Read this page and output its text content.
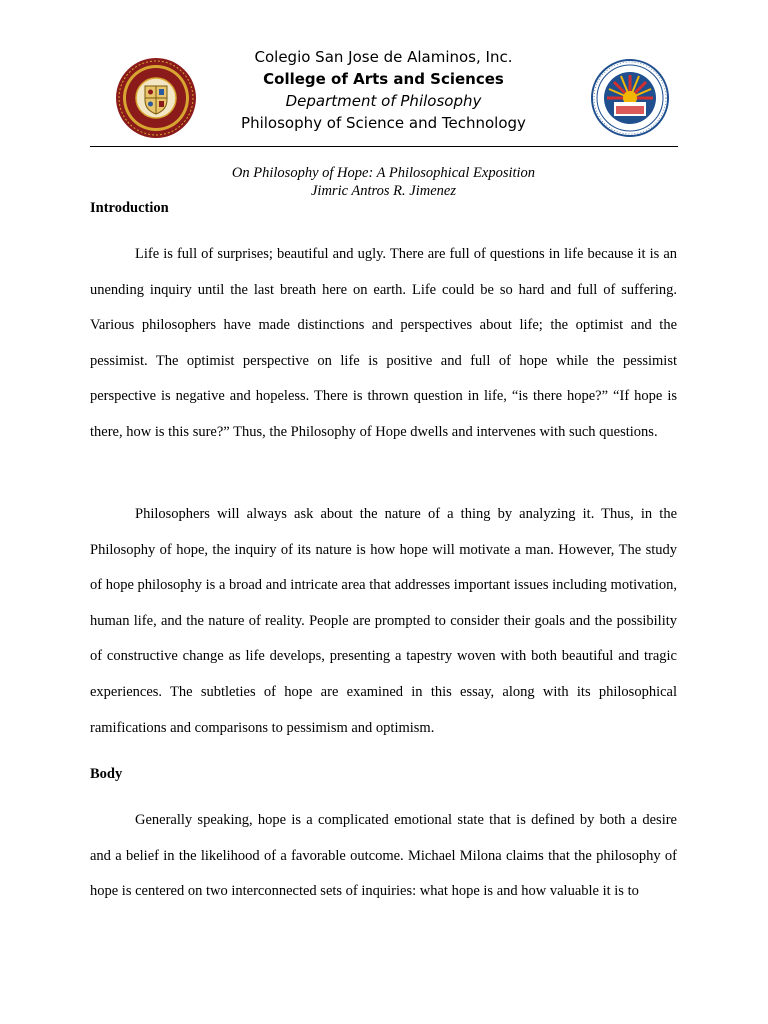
Colegio San Jose de Alaminos, Inc.
College of Arts and Sciences
Department of Philosophy
Philosophy of Science and Technology
On Philosophy of Hope: A Philosophical Exposition
Jimric Antros R. Jimenez
Introduction

Life is full of surprises; beautiful and ugly. There are full of questions in life because it is an unending inquiry until the last breath here on earth. Life could be so hard and full of suffering. Various philosophers have made distinctions and perspectives about life; the optimist and the pessimist. The optimist perspective on life is positive and full of hope while the pessimist perspective is negative and hopeless. There is thrown question in life, “is there hope?” “If hope is there, how is this sure?” Thus, the Philosophy of Hope dwells and intervenes with such questions.

Philosophers will always ask about the nature of a thing by analyzing it. Thus, in the Philosophy of hope, the inquiry of its nature is how hope will motivate a man. However, The study of hope philosophy is a broad and intricate area that addresses important issues including motivation, human life, and the nature of reality. People are prompted to consider their goals and the possibility of constructive change as life develops, presenting a tapestry woven with both beautiful and tragic experiences. The subtleties of hope are examined in this essay, along with its philosophical ramifications and comparisons to pessimism and optimism.

Body

Generally speaking, hope is a complicated emotional state that is defined by both a desire and a belief in the likelihood of a favorable outcome. Michael Milona claims that the philosophy of hope is centered on two interconnected sets of inquiries: what hope is and how valuable it is to
